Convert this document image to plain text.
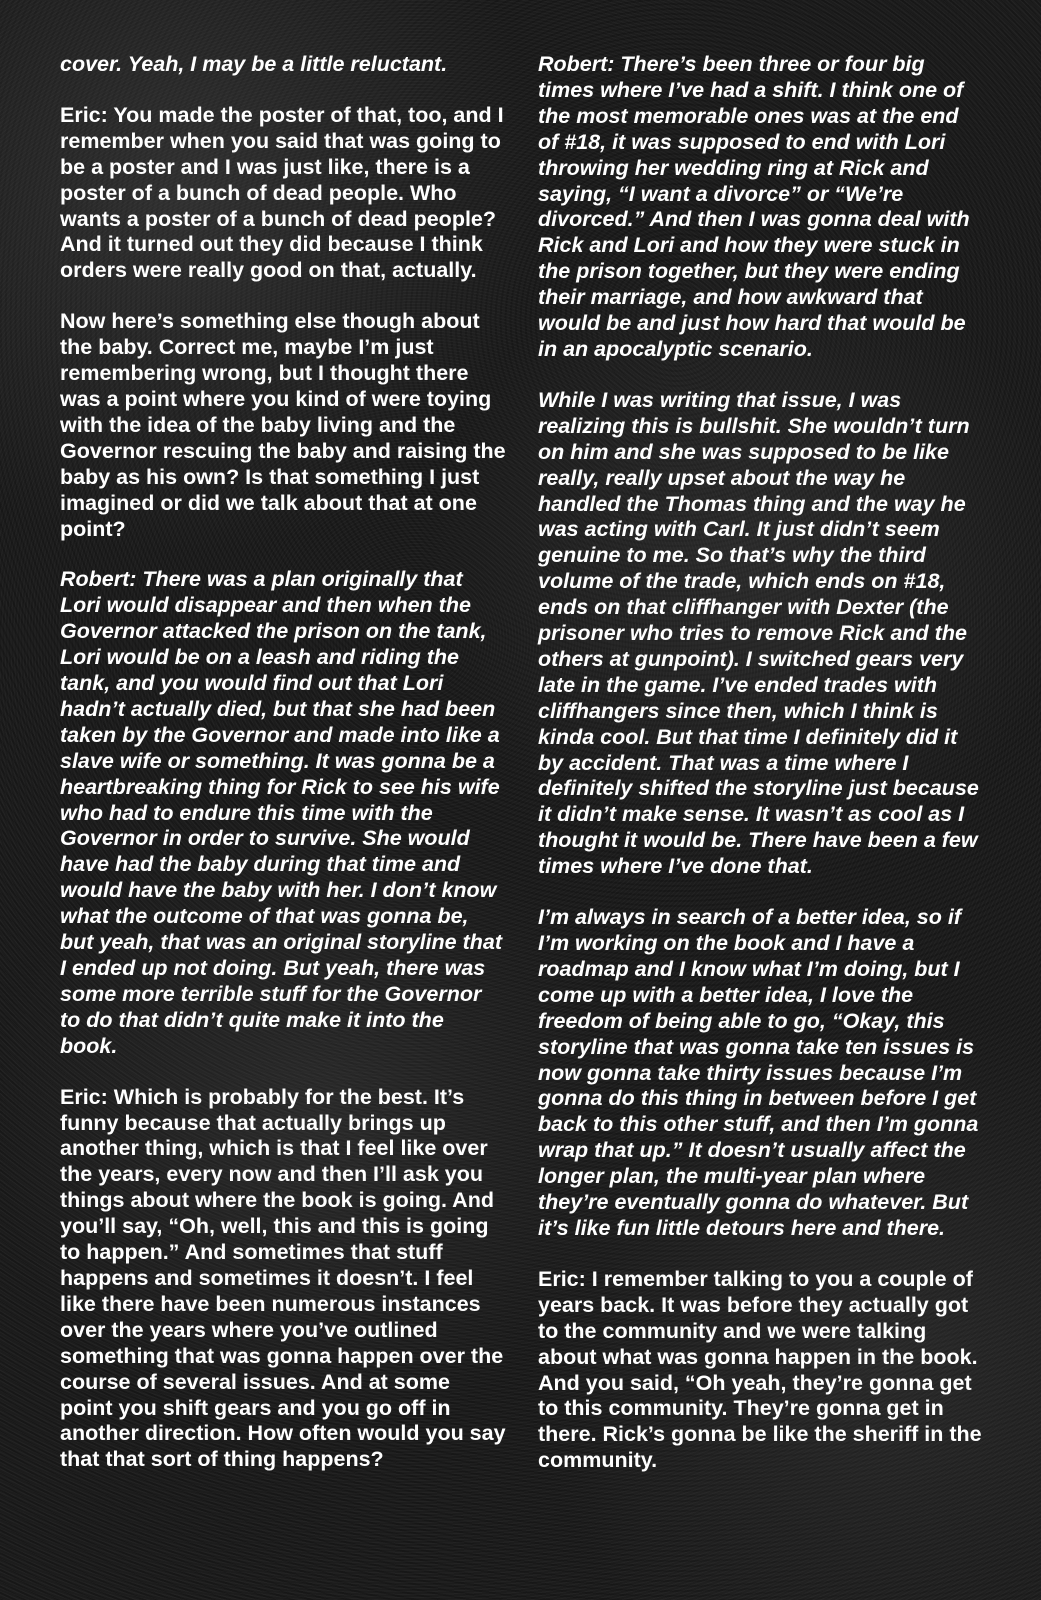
cover. Yeah, I may be a little reluctant.

Eric: You made the poster of that, too, and I remember when you said that was going to be a poster and I was just like, there is a poster of a bunch of dead people. Who wants a poster of a bunch of dead people? And it turned out they did because I think orders were really good on that, actually.

Now here’s something else though about the baby. Correct me, maybe I’m just remembering wrong, but I thought there was a point where you kind of were toying with the idea of the baby living and the Governor rescuing the baby and raising the baby as his own? Is that something I just imagined or did we talk about that at one point?

Robert: There was a plan originally that Lori would disappear and then when the Governor attacked the prison on the tank, Lori would be on a leash and riding the tank, and you would find out that Lori hadn’t actually died, but that she had been taken by the Governor and made into like a slave wife or something. It was gonna be a heartbreaking thing for Rick to see his wife who had to endure this time with the Governor in order to survive. She would have had the baby during that time and would have the baby with her. I don’t know what the outcome of that was gonna be, but yeah, that was an original storyline that I ended up not doing. But yeah, there was some more terrible stuff for the Governor to do that didn’t quite make it into the book.

Eric: Which is probably for the best. It’s funny because that actually brings up another thing, which is that I feel like over the years, every now and then I’ll ask you things about where the book is going. And you’ll say, “Oh, well, this and this is going to happen.” And sometimes that stuff happens and sometimes it doesn’t. I feel like there have been numerous instances over the years where you’ve outlined something that was gonna happen over the course of several issues. And at some point you shift gears and you go off in another direction. How often would you say that that sort of thing happens?

Robert: There’s been three or four big times where I’ve had a shift. I think one of the most memorable ones was at the end of #18, it was supposed to end with Lori throwing her wedding ring at Rick and saying, “I want a divorce” or “We’re divorced.” And then I was gonna deal with Rick and Lori and how they were stuck in the prison together, but they were ending their marriage, and how awkward that would be and just how hard that would be in an apocalyptic scenario.

While I was writing that issue, I was realizing this is bullshit. She wouldn’t turn on him and she was supposed to be like really, really upset about the way he handled the Thomas thing and the way he was acting with Carl. It just didn’t seem genuine to me. So that’s why the third volume of the trade, which ends on #18, ends on that cliffhanger with Dexter (the prisoner who tries to remove Rick and the others at gunpoint). I switched gears very late in the game. I’ve ended trades with cliffhangers since then, which I think is kinda cool. But that time I definitely did it by accident. That was a time where I definitely shifted the storyline just because it didn’t make sense. It wasn’t as cool as I thought it would be. There have been a few times where I’ve done that.

I’m always in search of a better idea, so if I’m working on the book and I have a roadmap and I know what I’m doing, but I come up with a better idea, I love the freedom of being able to go, “Okay, this storyline that was gonna take ten issues is now gonna take thirty issues because I’m gonna do this thing in between before I get back to this other stuff, and then I’m gonna wrap that up.” It doesn’t usually affect the longer plan, the multi-year plan where they’re eventually gonna do whatever. But it’s like fun little detours here and there.

Eric: I remember talking to you a couple of years back. It was before they actually got to the community and we were talking about what was gonna happen in the book. And you said, “Oh yeah, they’re gonna get to this community. They’re gonna get in there. Rick’s gonna be like the sheriff in the community.
